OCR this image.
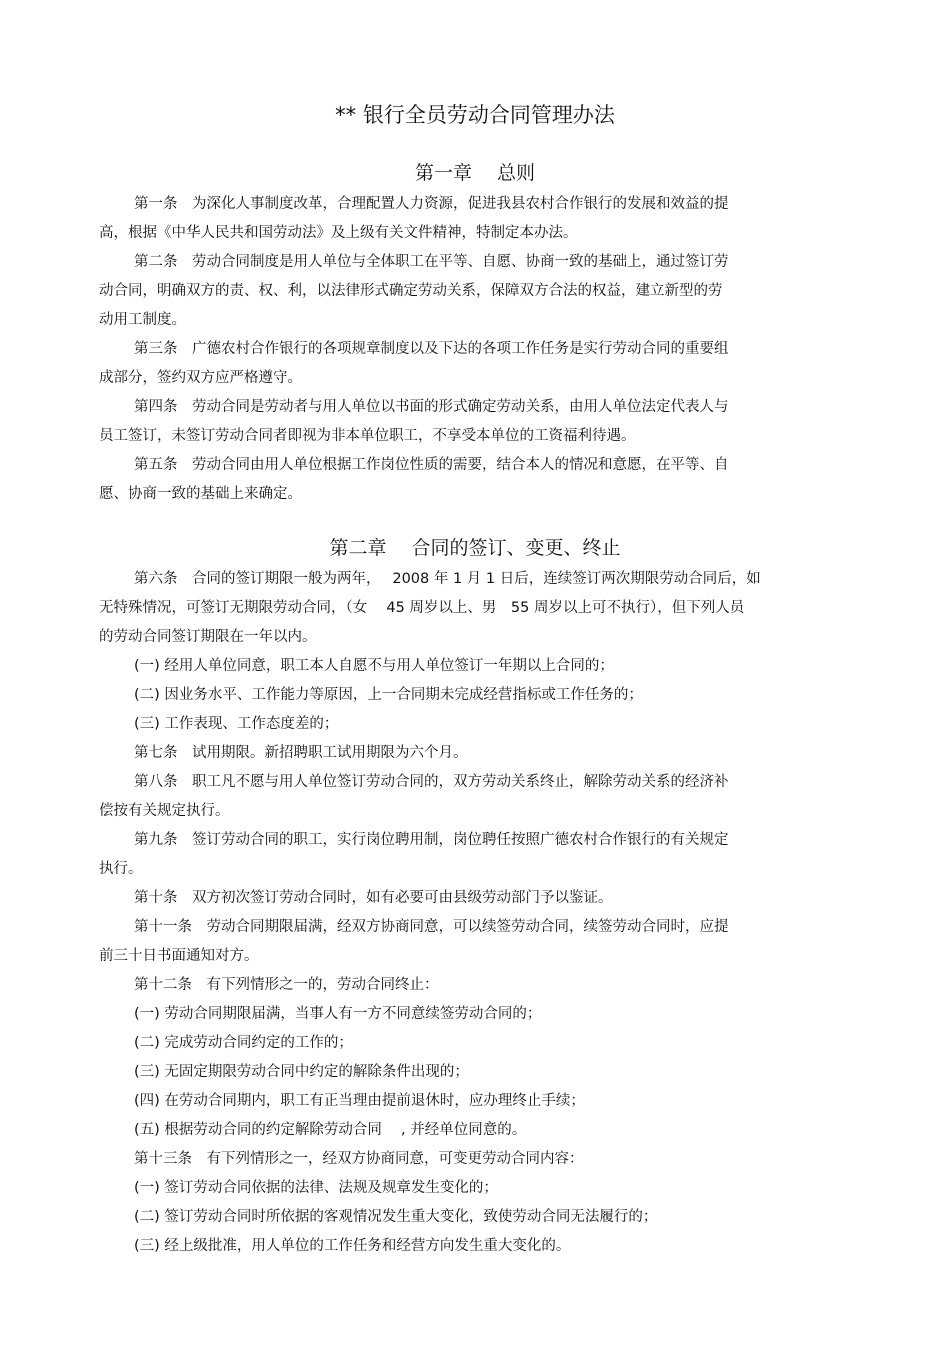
** 银行全员劳动合同管理办法
第一章　 总则
第一条　为深化人事制度改革，合理配置人力资源，促进我县农村合作银行的发展和效益的提
高，根据《中华人民共和国劳动法》及上级有关文件精神，特制定本办法。
第二条　劳动合同制度是用人单位与全体职工在平等、自愿、协商一致的基础上，通过签订劳
动合同，明确双方的责、权、利，以法律形式确定劳动关系，保障双方合法的权益，建立新型的劳
动用工制度。
第三条　广德农村合作银行的各项规章制度以及下达的各项工作任务是实行劳动合同的重要组
成部分，签约双方应严格遵守。
第四条　劳动合同是劳动者与用人单位以书面的形式确定劳动关系，由用人单位法定代表人与
员工签订，未签订劳动合同者即视为非本单位职工，不享受本单位的工资福利待遇。
第五条　劳动合同由用人单位根据工作岗位性质的需要，结合本人的情况和意愿，在平等、自
愿、协商一致的基础上来确定。
第二章　 合同的签订、变更、终止
第六条　合同的签订期限一般为两年，　 2008 年 1 月 1 日后，连续签订两次期限劳动合同后，如
无特殊情况，可签订无期限劳动合同，（女　 45 周岁以上、男　55 周岁以上可不执行），但下列人员
的劳动合同签订期限在一年以内。
(一) 经用人单位同意，职工本人自愿不与用人单位签订一年期以上合同的；
(二) 因业务水平、工作能力等原因，上一合同期未完成经营指标或工作任务的；
(三) 工作表现、工作态度差的；
第七条　试用期限。新招聘职工试用期限为六个月。
第八条　职工凡不愿与用人单位签订劳动合同的，双方劳动关系终止，解除劳动关系的经济补
偿按有关规定执行。
第九条　签订劳动合同的职工，实行岗位聘用制，岗位聘任按照广德农村合作银行的有关规定
执行。
第十条　双方初次签订劳动合同时，如有必要可由县级劳动部门予以鉴证。
第十一条　劳动合同期限届满，经双方协商同意，可以续签劳动合同，续签劳动合同时，应提
前三十日书面通知对方。
第十二条　有下列情形之一的，劳动合同终止：
(一) 劳动合同期限届满，当事人有一方不同意续签劳动合同的；
(二) 完成劳动合同约定的工作的；
(三) 无固定期限劳动合同中约定的解除条件出现的；
(四) 在劳动合同期内，职工有正当理由提前退休时，应办理终止手续；
(五) 根据劳动合同的约定解除劳动合同　 , 并经单位同意的。
第十三条　有下列情形之一，经双方协商同意，可变更劳动合同内容：
(一) 签订劳动合同依据的法律、法规及规章发生变化的；
(二) 签订劳动合同时所依据的客观情况发生重大变化，致使劳动合同无法履行的；
(三) 经上级批准，用人单位的工作任务和经营方向发生重大变化的。
